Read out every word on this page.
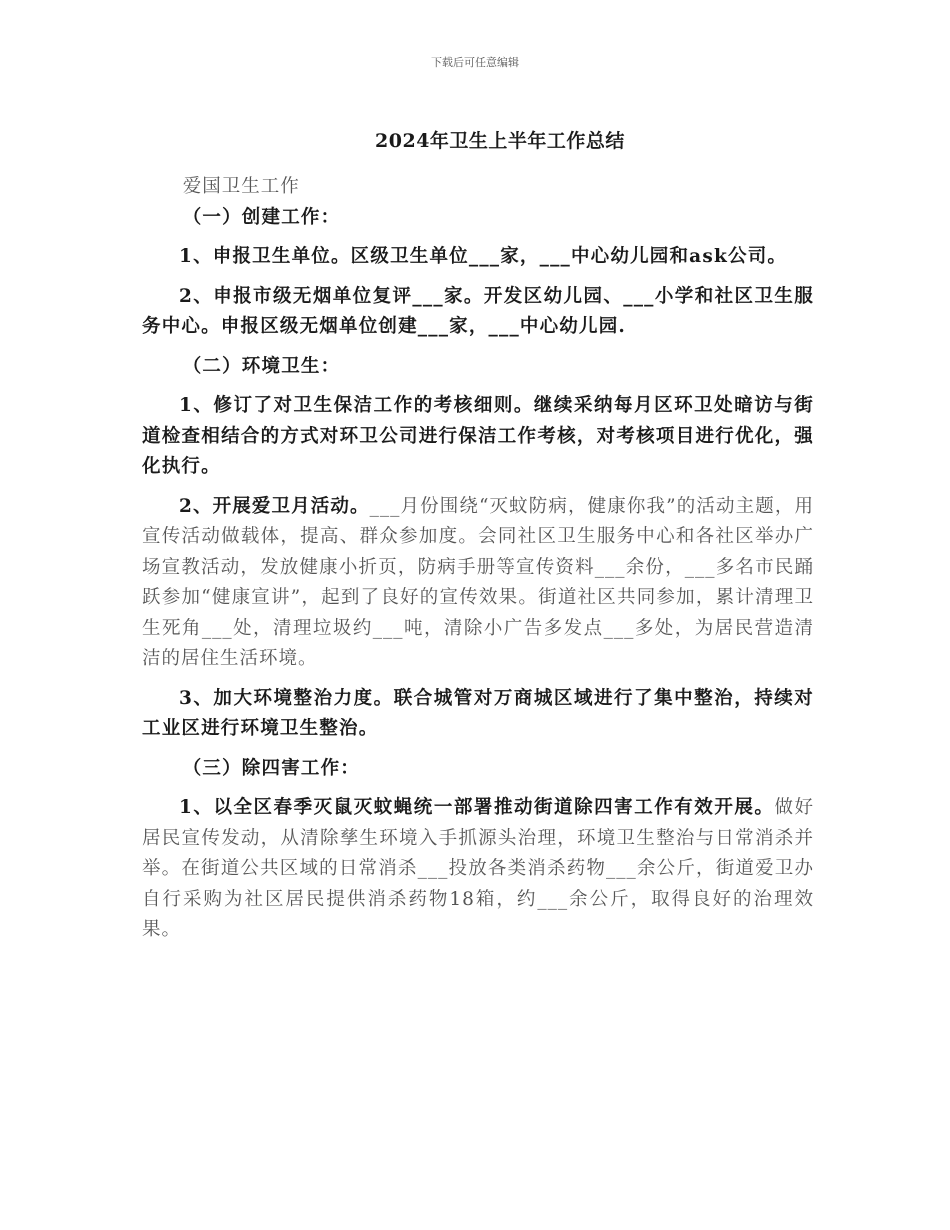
下载后可任意编辑
2024年卫生上半年工作总结

爱国卫生工作

（一）创建工作：

1、申报卫生单位。区级卫生单位___家，___中心幼儿园和ask公司。

2、申报市级无烟单位复评___家。开发区幼儿园、___小学和社区卫生服务中心。申报区级无烟单位创建___家，___中心幼儿园.

（二）环境卫生：

1、修订了对卫生保洁工作的考核细则。继续采纳每月区环卫处暗访与街道检查相结合的方式对环卫公司进行保洁工作考核，对考核项目进行优化，强化执行。

2、开展爱卫月活动。___月份围绕“灭蚊防病，健康你我”的活动主题，用宣传活动做载体，提高、群众参加度。会同社区卫生服务中心和各社区举办广场宣教活动，发放健康小折页，防病手册等宣传资料___余份，___多名市民踊跃参加“健康宣讲”，起到了良好的宣传效果。街道社区共同参加，累计清理卫生死角___处，清理垃圾约___吨，清除小广告多发点___多处，为居民营造清洁的居住生活环境。

3、加大环境整治力度。联合城管对万商城区域进行了集中整治，持续对工业区进行环境卫生整治。

（三）除四害工作：

1、以全区春季灭鼠灭蚊蝇统一部署推动街道除四害工作有效开展。做好居民宣传发动，从清除孳生环境入手抓源头治理，环境卫生整治与日常消杀并举。在街道公共区域的日常消杀___投放各类消杀药物___余公斤，街道爱卫办自行采购为社区居民提供消杀药物18箱，约___余公斤，取得良好的治理效果。
